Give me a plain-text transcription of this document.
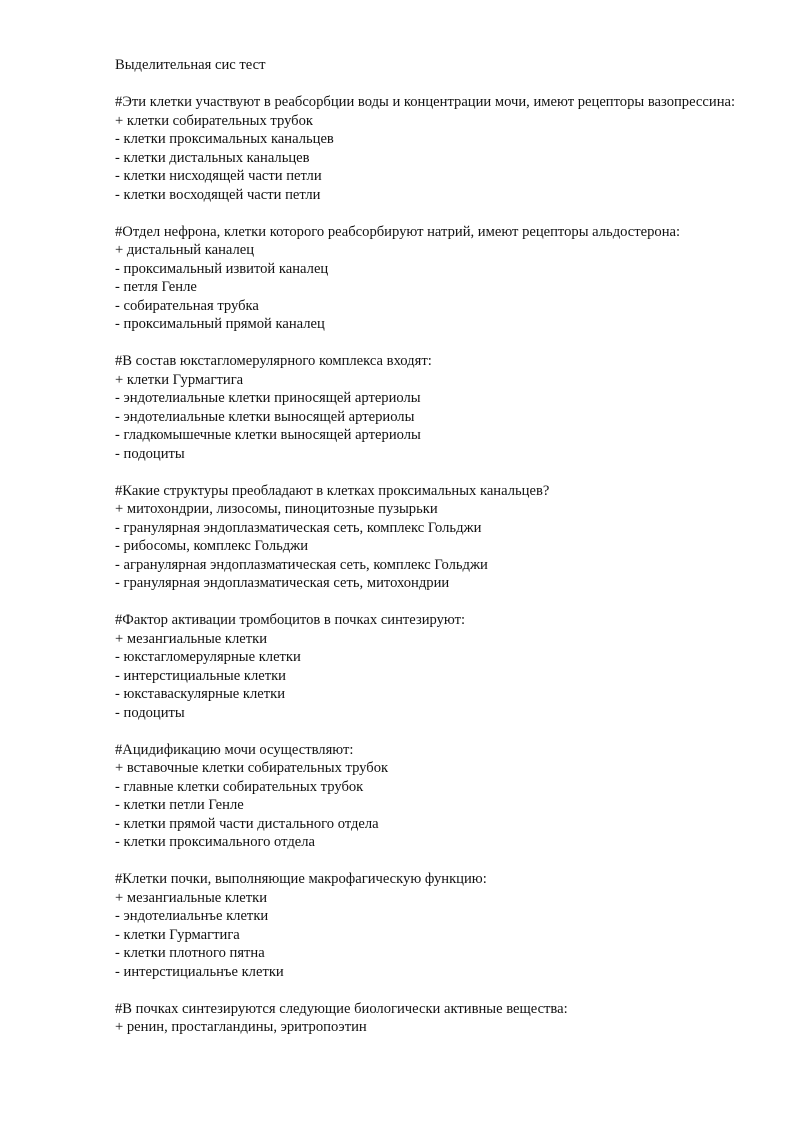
Выделительная сис тест

#Эти клетки участвуют в реабсорбции воды и концентрации мочи, имеют рецепторы вазопрессина:

+ клетки собирательных трубок

- клетки проксимальных канальцев

- клетки дистальных канальцев

- клетки нисходящей части петли

- клетки восходящей части петли

#Отдел нефрона, клетки которого реабсорбируют натрий, имеют рецепторы альдостерона:

+ дистальный каналец

- проксимальный извитой каналец

- петля Генле

- собирательная трубка

- проксимальный прямой каналец

#В состав юкстагломерулярного комплекса входят:

+ клетки Гурмагтига

- эндотелиальные клетки приносящей артериолы

- эндотелиальные клетки выносящей артериолы

- гладкомышечные клетки выносящей артериолы

- подоциты

#Какие структуры преобладают в клетках проксимальных канальцев?

+ митохондрии, лизосомы, пиноцитозные пузырьки

- гранулярная эндоплазматическая сеть, комплекс Гольджи

- рибосомы, комплекс Гольджи

- агранулярная эндоплазматическая сеть, комплекс Гольджи

- гранулярная эндоплазматическая сеть, митохондрии

#Фактор активации тромбоцитов в почках синтезируют:

+ мезангиальные клетки

- юкстагломерулярные клетки

- интерстициальные клетки

- юкставаскулярные клетки

- подоциты

#Ацидификацию мочи осуществляют:

+ вставочные клетки собирательных трубок

- главные клетки собирательных трубок

- клетки петли Генле

- клетки прямой части дистального отдела

- клетки проксимального отдела

#Клетки почки, выполняющие макрофагическую функцию:

+ мезангиальные клетки

- эндотелиальнъе клетки

- клетки Гурмагтига

- клетки плотного пятна

- интерстициальнъе клетки

#В почках синтезируются следующие биологически активные вещества:

+ ренин, простагландины, эритропоэтин
